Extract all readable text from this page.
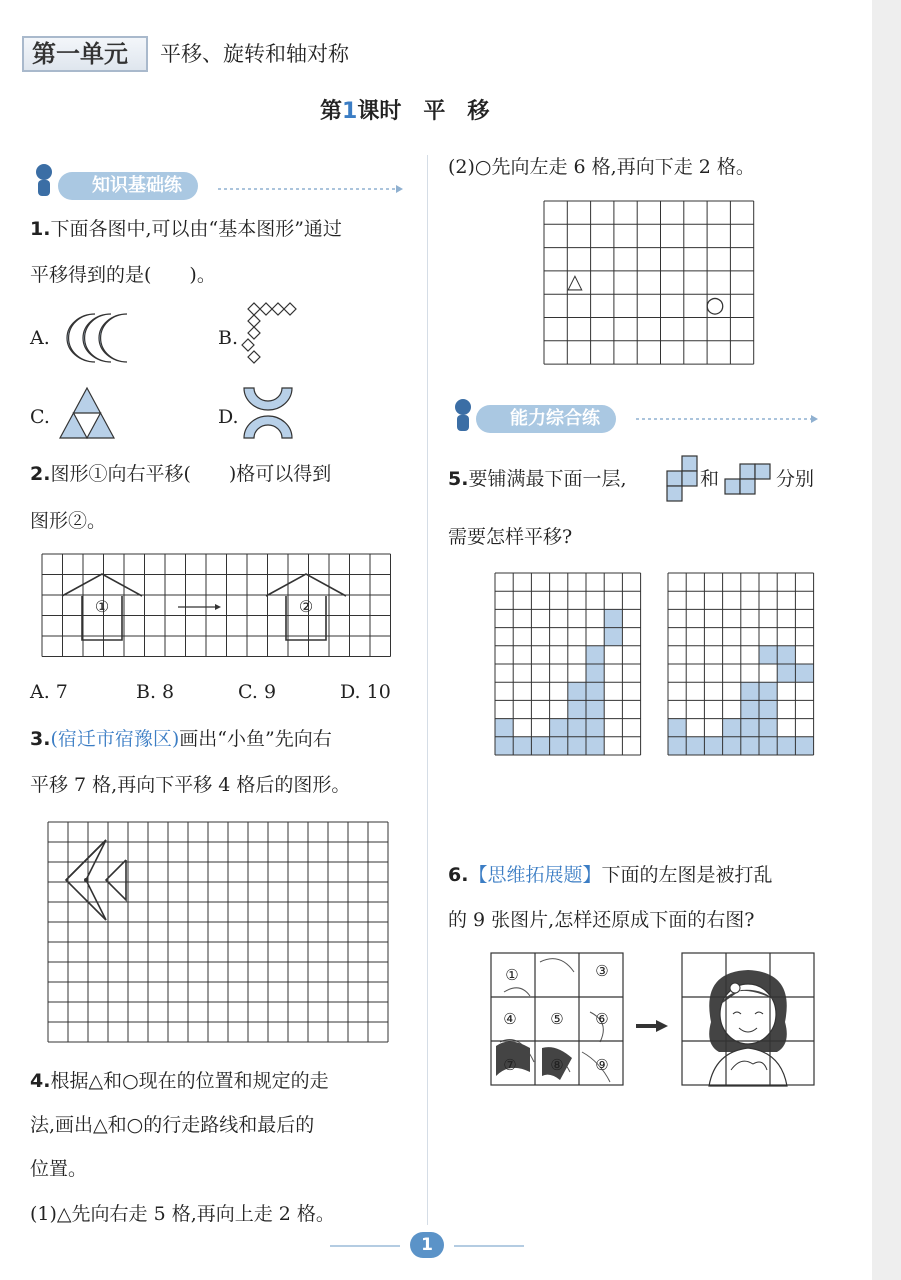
第一单元	平移、旋转和轴对称
第1课时　平　移
知识基础练
1.下面各图中,可以由“基本图形”通过
平移得到的是(　　)。
A.	B.
C.	D.
2.图形①向右平移(　　)格可以得到
图形②。
①	②
A. 7	B. 8	C. 9	D. 10
3.(宿迁市宿豫区)画出“小鱼”先向右
平移 7 格,再向下平移 4 格后的图形。
4.根据△和○现在的位置和规定的走
法,画出△和○的行走路线和最后的
位置。
(1)△先向右走 5 格,再向上走 2 格。
(2)○先向左走 6 格,再向下走 2 格。
△
○
能力综合练
5.要铺满最下面一层,	和	分别
需要怎样平移?
6.【思维拓展题】下面的左图是被打乱
的 9 张图片,怎样还原成下面的右图?
①	③
④ ⑤ ⑥
⑦ ⑧ ⑨
1
